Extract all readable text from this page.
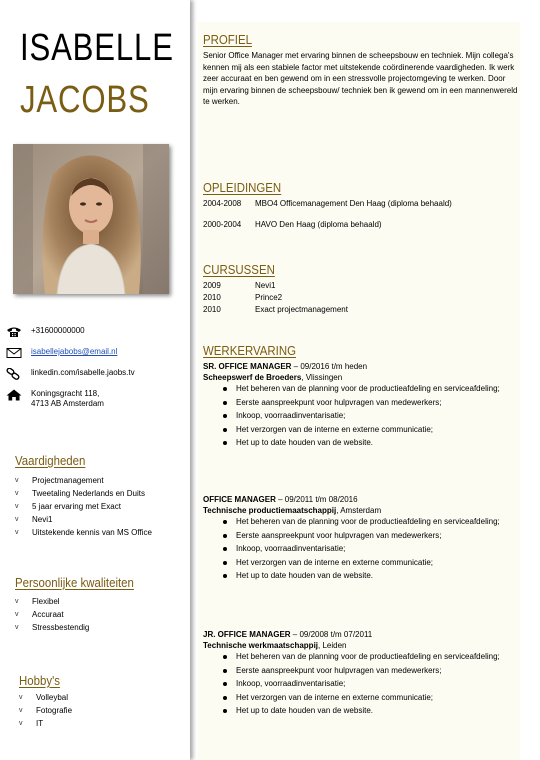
ISABELLE
JACOBS
+31600000000
isabellejabobs@email.nl
linkedin.com/isabelle.jaobs.tv
Koningsgracht 118,
4713 AB Amsterdam
Vaardigheden
v Projectmanagement
v Tweetaling Nederlands en Duits
v 5 jaar ervaring met Exact
v Nevi1
v Uitstekende kennis van MS Office
Persoonlijke kwaliteiten
v Flexibel
v Accuraat
v Stressbestendig
Hobby's
v Volleybal
v Fotografie
v IT
PROFIEL
Senior Office Manager met ervaring binnen de scheepsbouw en techniek. Mijn collega's kennen mij als een stabiele factor met uitstekende coördinerende vaardigheden. Ik werk zeer accuraat en ben gewend om in een stressvolle projectomgeving te werken. Door mijn ervaring binnen de scheepsbouw/ techniek ben ik gewend om in een mannenwereld te werken.
OPLEIDINGEN
2004-2008 MBO4 Officemanagement Den Haag (diploma behaald)
2000-2004 HAVO Den Haag (diploma behaald)
CURSUSSEN
2009	Nevi1
2010	Prince2
2010	Exact projectmanagement
WERKERVARING
SR. OFFICE MANAGER – 09/2016 t/m heden
Scheepswerf de Broeders, Vlissingen
Het beheren van de planning voor de productieafdeling en serviceafdeling;
Eerste aanspreekpunt voor hulpvragen van medewerkers;
Inkoop, voorraadinventarisatie;
Het verzorgen van de interne en externe communicatie;
Het up to date houden van de website.
OFFICE MANAGER – 09/2011 t/m 08/2016
Technische productiemaatschappij, Amsterdam
Het beheren van de planning voor de productieafdeling en serviceafdeling;
Eerste aanspreekpunt voor hulpvragen van medewerkers;
Inkoop, voorraadinventarisatie;
Het verzorgen van de interne en externe communicatie;
Het up to date houden van de website.
JR. OFFICE MANAGER – 09/2008 t/m 07/2011
Technische werkmaatschappij, Leiden
Het beheren van de planning voor de productieafdeling en serviceafdeling;
Eerste aanspreekpunt voor hulpvragen van medewerkers;
Inkoop, voorraadinventarisatie;
Het verzorgen van de interne en externe communicatie;
Het up to date houden van de website.
